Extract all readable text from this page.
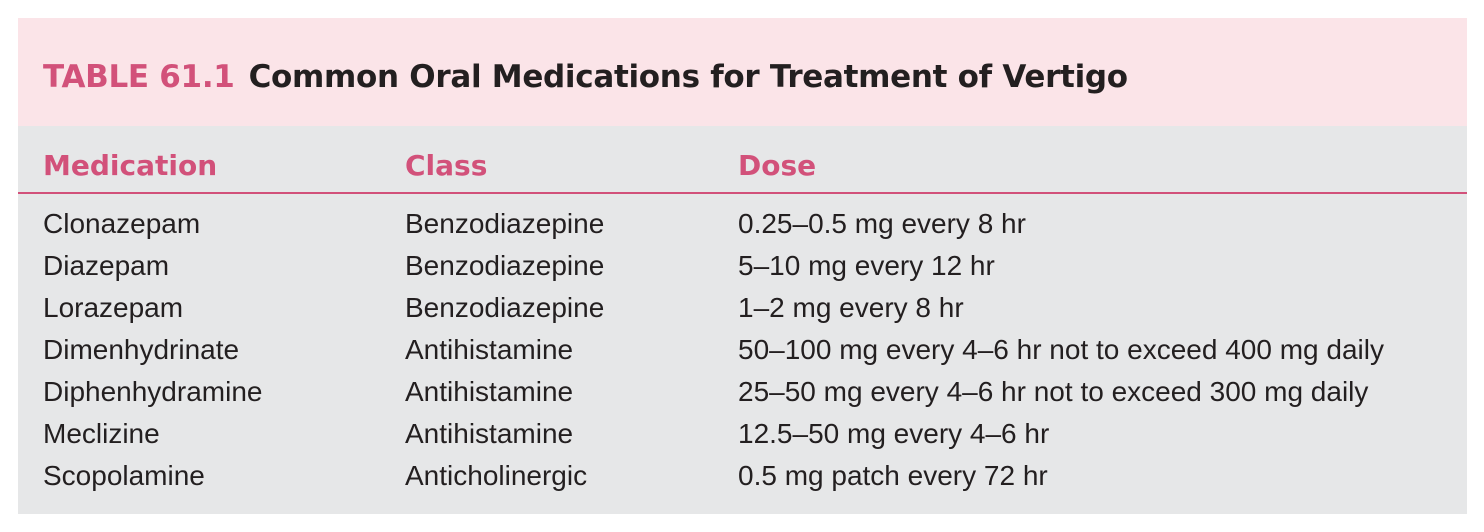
TABLE 61.1 Common Oral Medications for Treatment of Vertigo
Medication	Class	Dose
Clonazepam	Benzodiazepine	0.25–0.5 mg every 8 hr
Diazepam	Benzodiazepine	5–10 mg every 12 hr
Lorazepam	Benzodiazepine	1–2 mg every 8 hr
Dimenhydrinate	Antihistamine	50–100 mg every 4–6 hr not to exceed 400 mg daily
Diphenhydramine	Antihistamine	25–50 mg every 4–6 hr not to exceed 300 mg daily
Meclizine	Antihistamine	12.5–50 mg every 4–6 hr
Scopolamine	Anticholinergic	0.5 mg patch every 72 hr
